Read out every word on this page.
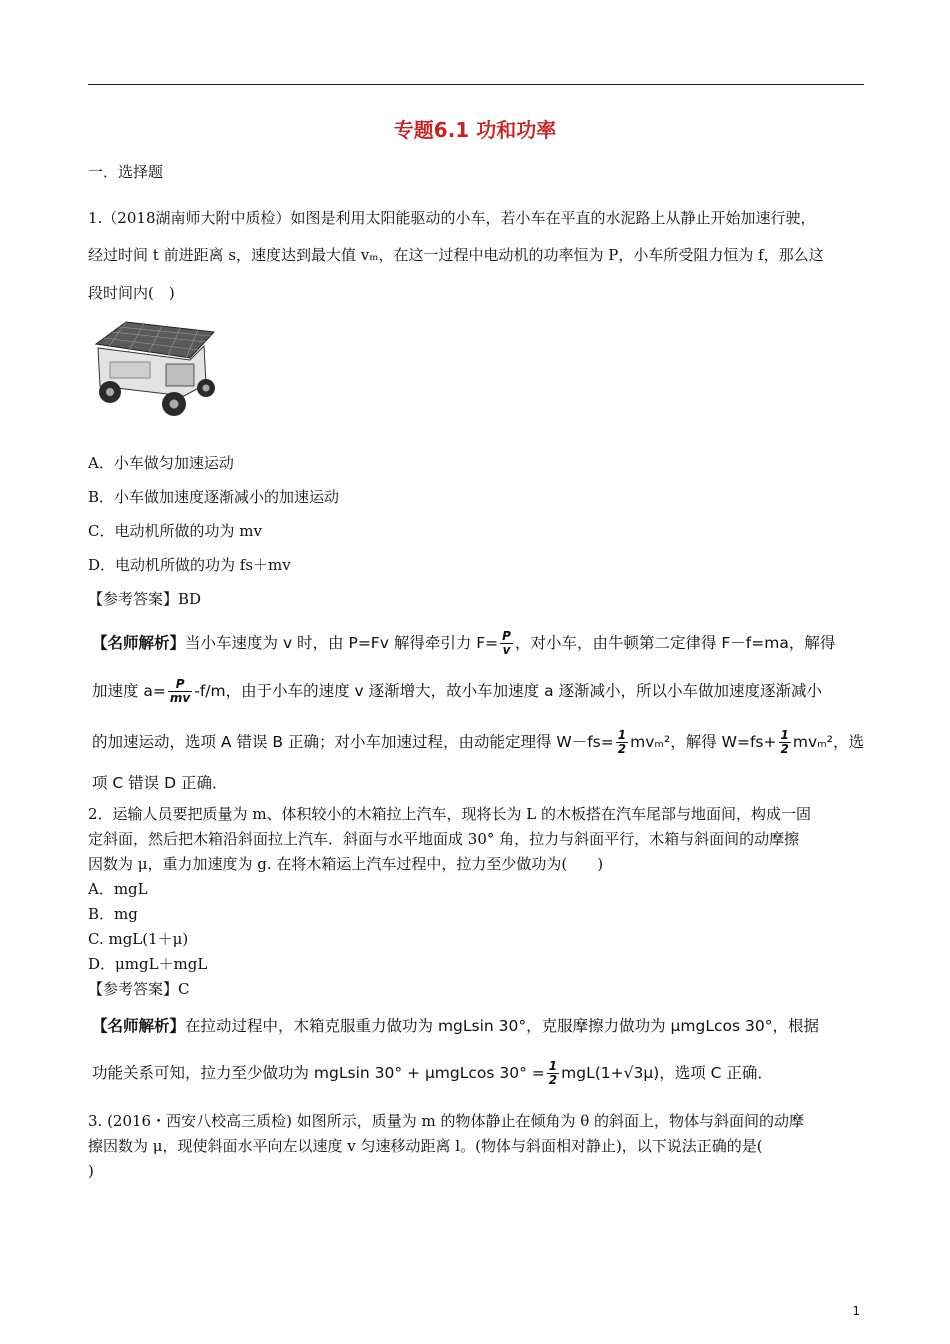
专题6.1 功和功率
一．选择题
1.（2018湖南师大附中质检）如图是利用太阳能驱动的小车，若小车在平直的水泥路上从静止开始加速行驶，
经过时间 t 前进距离 s，速度达到最大值 vₘ，在这一过程中电动机的功率恒为 P，小车所受阻力恒为 f，那么这
段时间内(　)
A．小车做匀加速运动
B．小车做加速度逐渐减小的加速运动
C．电动机所做的功为 mv
D．电动机所做的功为 fs＋mv
【参考答案】BD
【名师解析】当小车速度为 v 时，由 P=Fv 解得牵引力 $F= \frac{P}{v}$ ，对小车，由牛顿第二定律得 F－f=ma，解得
加速度 $a= \frac{P}{mv} -f/m$，由于小车的速度 v 逐渐增大，故小车加速度 a 逐渐减小，所以小车做加速度逐渐减小
的加速运动，选项 A 错误 B 正确；对小车加速过程，由动能定理得 $W-fs= \frac{1}{2} mv_m^2$，解得 $W=fs+ \frac{1}{2} mv_m^2$，选
项 C 错误 D 正确．
2．运输人员要把质量为 m、体积较小的木箱拉上汽车，现将长为 L 的木板搭在汽车尾部与地面间，构成一固
定斜面，然后把木箱沿斜面拉上汽车．斜面与水平地面成 30° 角，拉力与斜面平行，木箱与斜面间的动摩擦
因数为 μ，重力加速度为 g. 在将木箱运上汽车过程中，拉力至少做功为(　　)
A．mgL
B．mg
C. mgL(1＋μ)
D．μmgL＋mgL
【参考答案】C
【名师解析】在拉动过程中，木箱克服重力做功为 mgLsin 30°，克服摩擦力做功为 μmgLcos 30°，根据
功能关系可知，拉力至少做功为 mgLsin 30° + μmgLcos $30^\circ = \frac{1}{2} mgL(1+√3\mu)$，选项 C 正确．
3. (2016・西安八校高三质检) 如图所示，质量为 m 的物体静止在倾角为 θ 的斜面上，物体与斜面间的动摩
擦因数为 μ，现使斜面水平向左以速度 v 匀速移动距离 l。(物体与斜面相对静止)，以下说法正确的是(
)
1
